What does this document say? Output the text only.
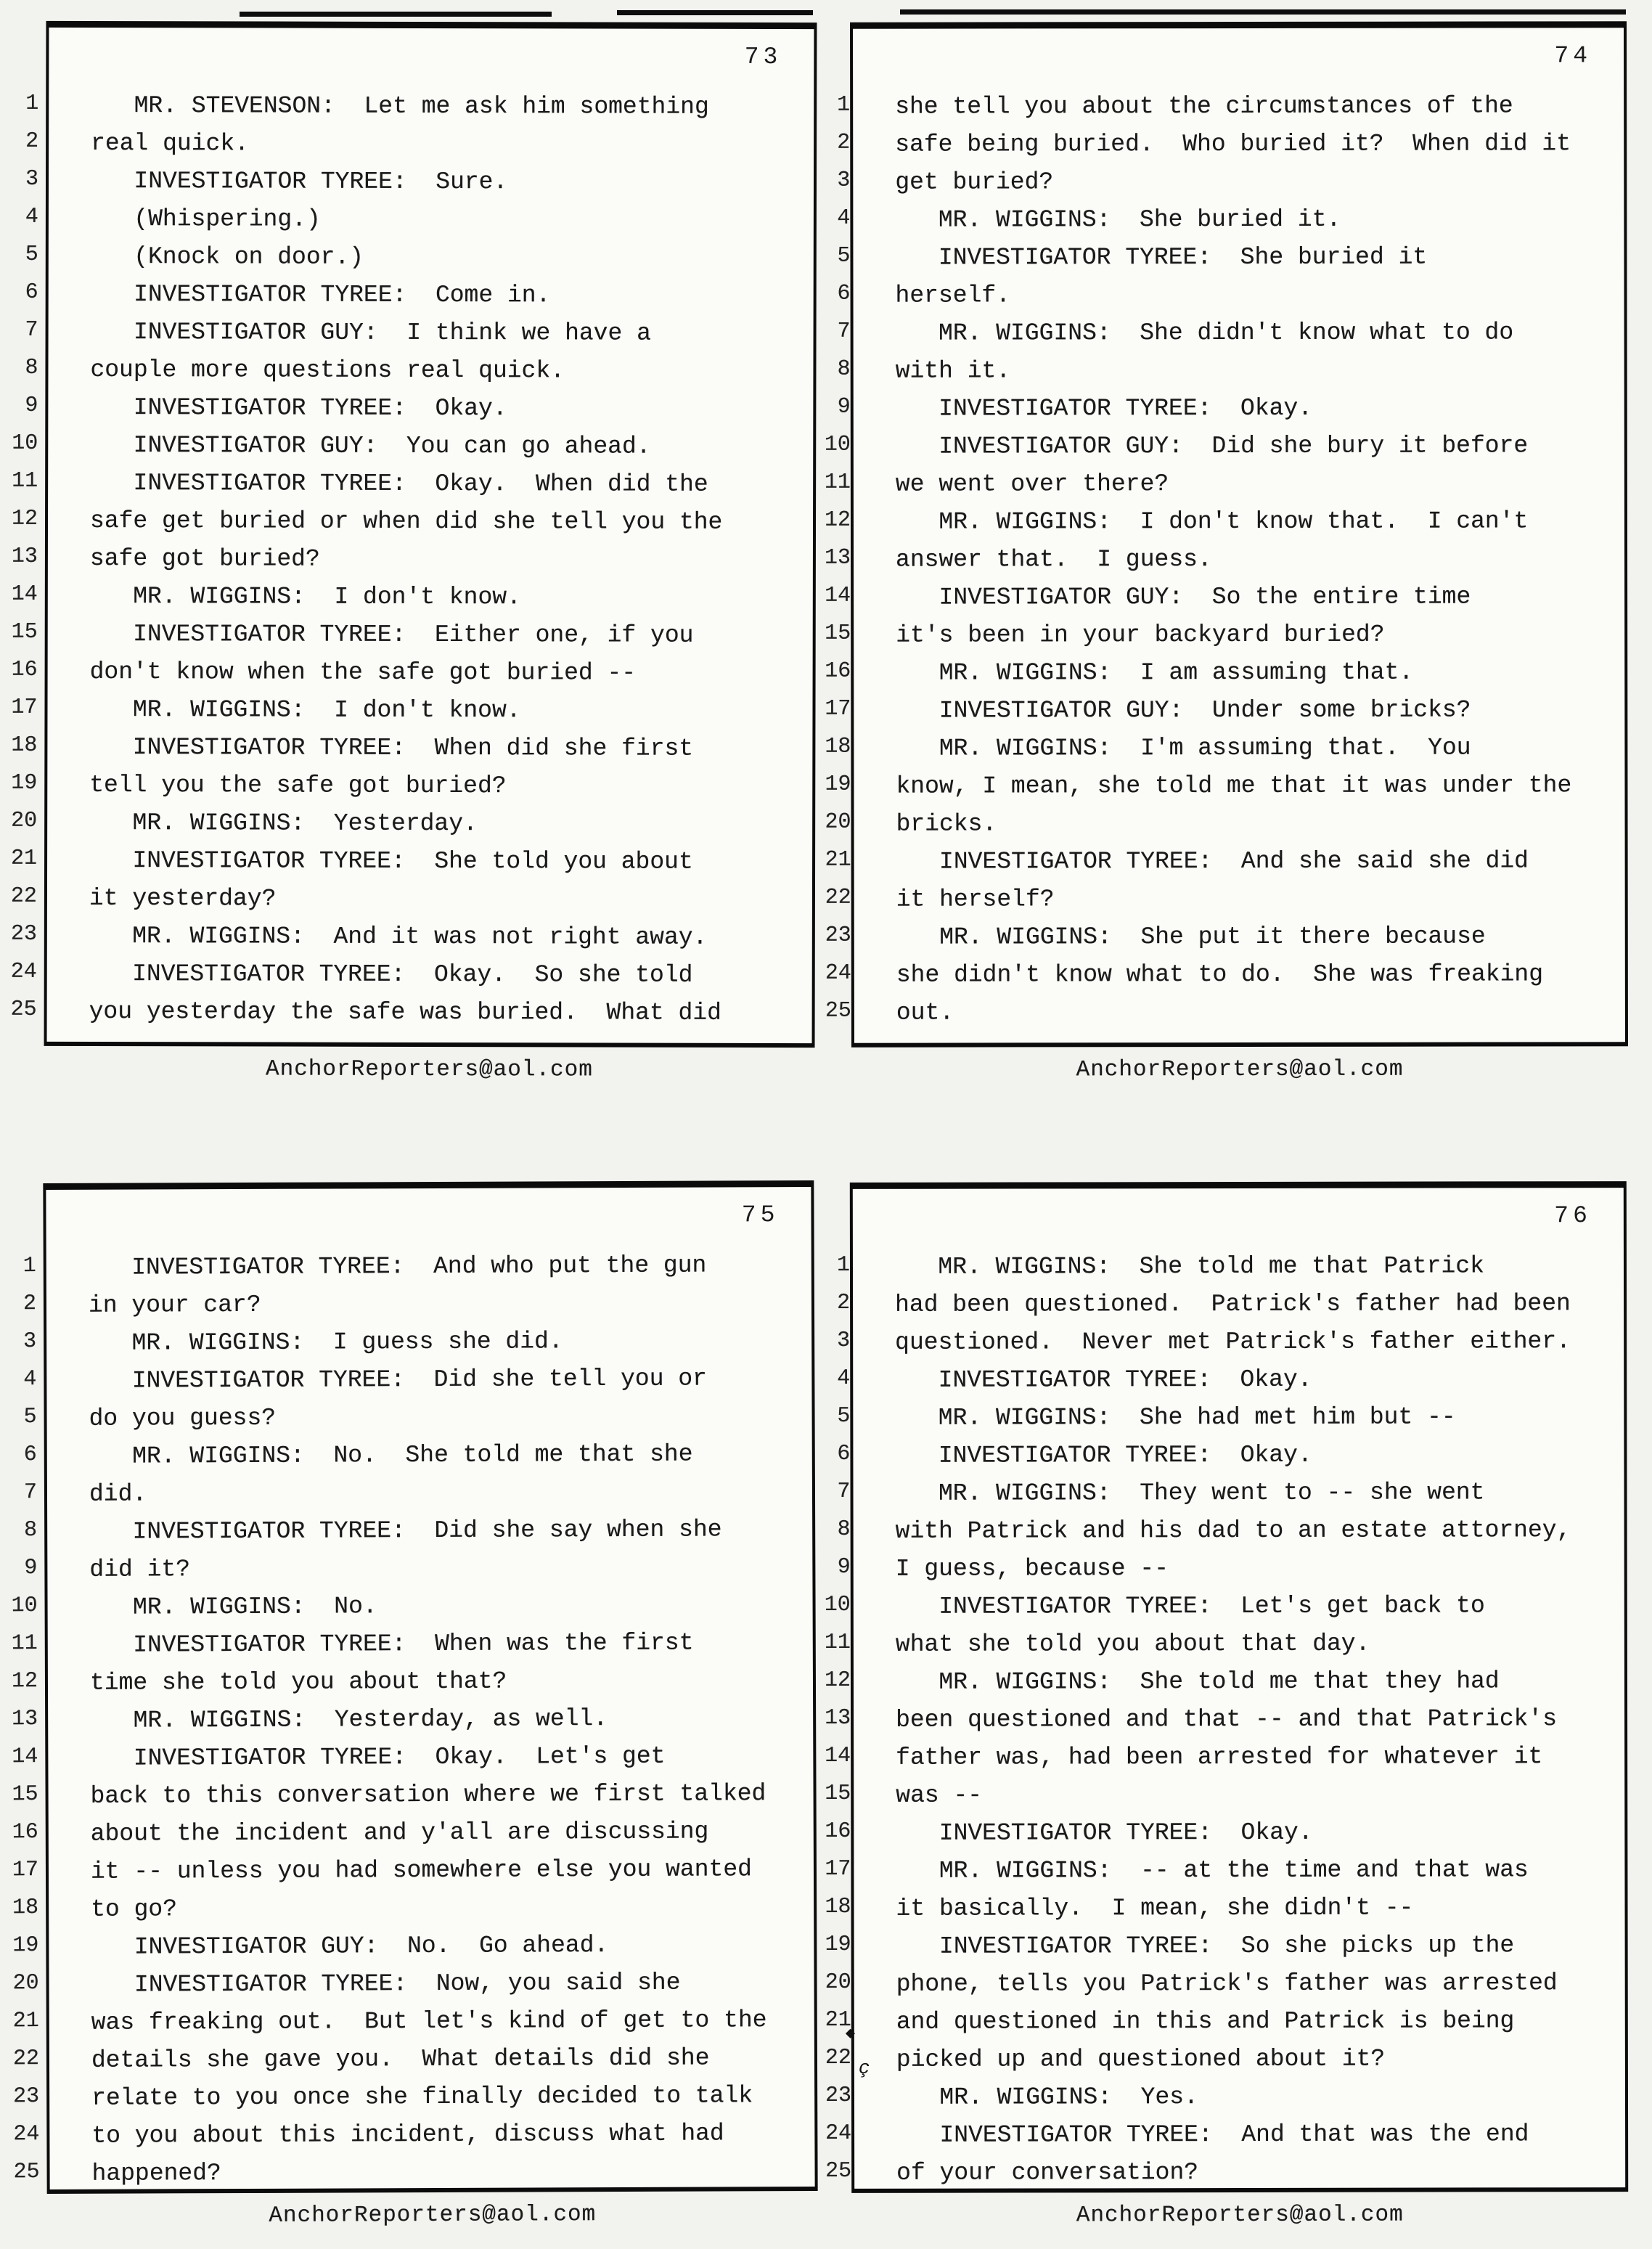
73
1 MR. STEVENSON:  Let me ask him something
2 real quick.
3 INVESTIGATOR TYREE:  Sure.
4 (Whispering.)
5 (Knock on door.)
6 INVESTIGATOR TYREE:  Come in.
7 INVESTIGATOR GUY:  I think we have a
8 couple more questions real quick.
9 INVESTIGATOR TYREE:  Okay.
10 INVESTIGATOR GUY:  You can go ahead.
11 INVESTIGATOR TYREE:  Okay.  When did the
12 safe get buried or when did she tell you the
13 safe got buried?
14 MR. WIGGINS:  I don't know.
15 INVESTIGATOR TYREE:  Either one, if you
16 don't know when the safe got buried --
17 MR. WIGGINS:  I don't know.
18 INVESTIGATOR TYREE:  When did she first
19 tell you the safe got buried?
20 MR. WIGGINS:  Yesterday.
21 INVESTIGATOR TYREE:  She told you about
22 it yesterday?
23 MR. WIGGINS:  And it was not right away.
24 INVESTIGATOR TYREE:  Okay.  So she told
25 you yesterday the safe was buried.  What did
AnchorReporters@aol.com
74
1 she tell you about the circumstances of the
2 safe being buried.  Who buried it?  When did it
3 get buried?
4 MR. WIGGINS:  She buried it.
5 INVESTIGATOR TYREE:  She buried it
6 herself.
7 MR. WIGGINS:  She didn't know what to do
8 with it.
9 INVESTIGATOR TYREE:  Okay.
10 INVESTIGATOR GUY:  Did she bury it before
11 we went over there?
12 MR. WIGGINS:  I don't know that.  I can't
13 answer that.  I guess.
14 INVESTIGATOR GUY:  So the entire time
15 it's been in your backyard buried?
16 MR. WIGGINS:  I am assuming that.
17 INVESTIGATOR GUY:  Under some bricks?
18 MR. WIGGINS:  I'm assuming that.  You
19 know, I mean, she told me that it was under the
20 bricks.
21 INVESTIGATOR TYREE:  And she said she did
22 it herself?
23 MR. WIGGINS:  She put it there because
24 she didn't know what to do.  She was freaking
25 out.
AnchorReporters@aol.com
75
1 INVESTIGATOR TYREE:  And who put the gun
2 in your car?
3 MR. WIGGINS:  I guess she did.
4 INVESTIGATOR TYREE:  Did she tell you or
5 do you guess?
6 MR. WIGGINS:  No.  She told me that she
7 did.
8 INVESTIGATOR TYREE:  Did she say when she
9 did it?
10 MR. WIGGINS:  No.
11 INVESTIGATOR TYREE:  When was the first
12 time she told you about that?
13 MR. WIGGINS:  Yesterday, as well.
14 INVESTIGATOR TYREE:  Okay.  Let's get
15 back to this conversation where we first talked
16 about the incident and y'all are discussing
17 it -- unless you had somewhere else you wanted
18 to go?
19 INVESTIGATOR GUY:  No.  Go ahead.
20 INVESTIGATOR TYREE:  Now, you said she
21 was freaking out.  But let's kind of get to the
22 details she gave you.  What details did she
23 relate to you once she finally decided to talk
24 to you about this incident, discuss what had
25 happened?
AnchorReporters@aol.com
76
1 MR. WIGGINS:  She told me that Patrick
2 had been questioned.  Patrick's father had been
3 questioned.  Never met Patrick's father either.
4 INVESTIGATOR TYREE:  Okay.
5 MR. WIGGINS:  She had met him but --
6 INVESTIGATOR TYREE:  Okay.
7 MR. WIGGINS:  They went to -- she went
8 with Patrick and his dad to an estate attorney,
9 I guess, because --
10 INVESTIGATOR TYREE:  Let's get back to
11 what she told you about that day.
12 MR. WIGGINS:  She told me that they had
13 been questioned and that -- and that Patrick's
14 father was, had been arrested for whatever it
15 was --
16 INVESTIGATOR TYREE:  Okay.
17 MR. WIGGINS:  -- at the time and that was
18 it basically.  I mean, she didn't --
19 INVESTIGATOR TYREE:  So she picks up the
20 phone, tells you Patrick's father was arrested
21 and questioned in this and Patrick is being
22 picked up and questioned about it?
23 MR. WIGGINS:  Yes.
24 INVESTIGATOR TYREE:  And that was the end
25 of your conversation?
◆
ç
AnchorReporters@aol.com
